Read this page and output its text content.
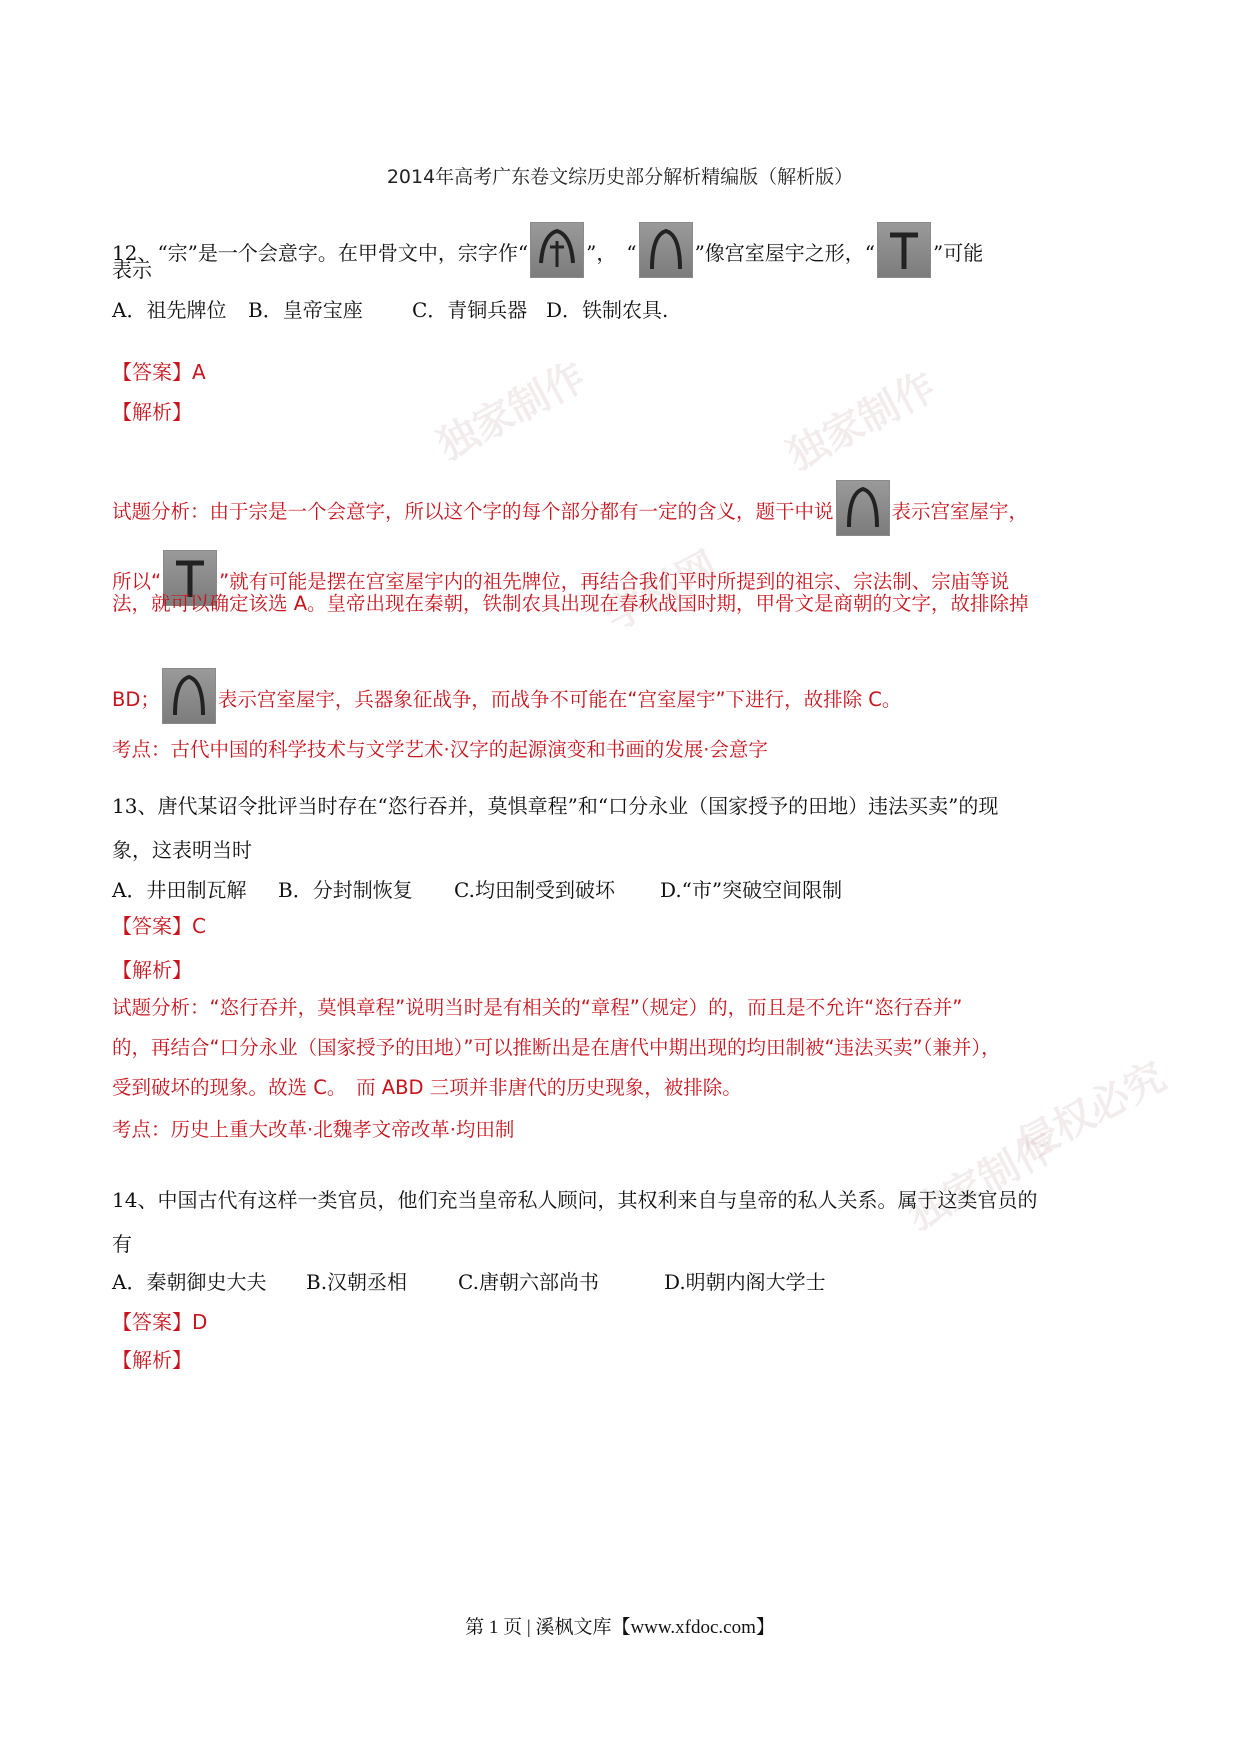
独家制作	独家制作
学科网
独家制作
侵权必究
2014年高考广东卷文综历史部分解析精编版（解析版）
12、“宗”是一个会意字。在甲骨文中，宗字作“	”，　“	”像宫室屋宇之形，“	”可能
表示
A．祖先牌位 B．皇帝宝座 C．青铜兵器 D．铁制农具.
【答案】A
【解析】
试题分析：由于宗是一个会意字，所以这个字的每个部分都有一定的含义，题干中说	表示宫室屋宇，
所以“	”就有可能是摆在宫室屋宇内的祖先牌位，再结合我们平时所提到的祖宗、宗法制、宗庙等说
法，就可以确定该选 A。皇帝出现在秦朝，铁制农具出现在春秋战国时期，甲骨文是商朝的文字，故排除掉
BD；	表示宫室屋宇，兵器象征战争，而战争不可能在“宫室屋宇”下进行，故排除 C。
考点：古代中国的科学技术与文学艺术·汉字的起源演变和书画的发展·会意字
13、唐代某诏令批评当时存在“恣行吞并，莫惧章程”和“口分永业（国家授予的田地）违法买卖”的现
象，这表明当时
A．井田制瓦解 B．分封制恢复 C.均田制受到破坏 D.“市”突破空间限制
【答案】C
【解析】
试题分析：“恣行吞并，莫惧章程”说明当时是有相关的“章程”（规定）的，而且是不允许“恣行吞并”
的，再结合“口分永业（国家授予的田地）”可以推断出是在唐代中期出现的均田制被“违法买卖”（兼并），
受到破坏的现象。故选 C。　而 ABD 三项并非唐代的历史现象，被排除。
考点：历史上重大改革·北魏孝文帝改革·均田制
14、中国古代有这样一类官员，他们充当皇帝私人顾问，其权利来自与皇帝的私人关系。属于这类官员的
有
A．秦朝御史大夫 B.汉朝丞相	C.唐朝六部尚书	D.明朝内阁大学士
【答案】D
【解析】
第 1 页 | 溪枫文库【www.xfdoc.com】
